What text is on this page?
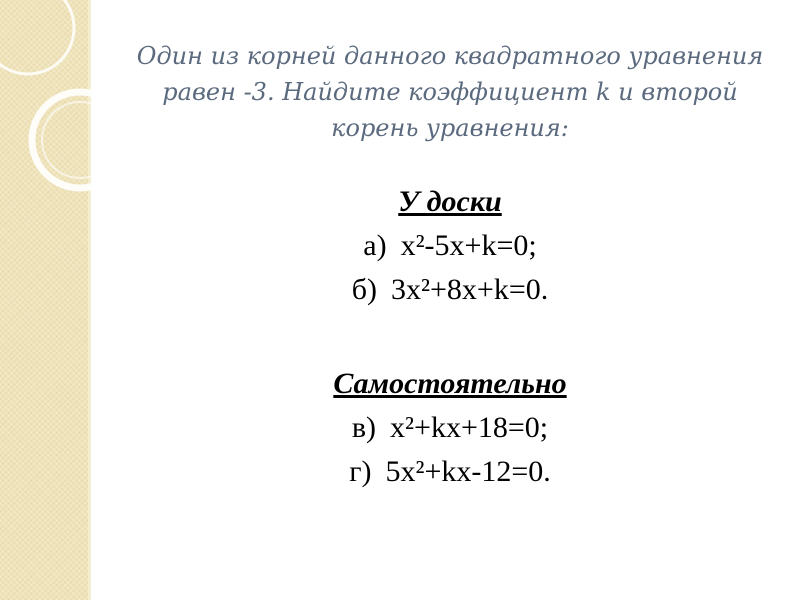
Один из корней данного квадратного уравнения равен -3. Найдите коэффициент k и второй корень уравнения:

У доски

а) x²-5x+k=0;

б) 3x²+8x+k=0.

Самостоятельно

в) x²+kx+18=0;

г) 5x²+kx-12=0.
